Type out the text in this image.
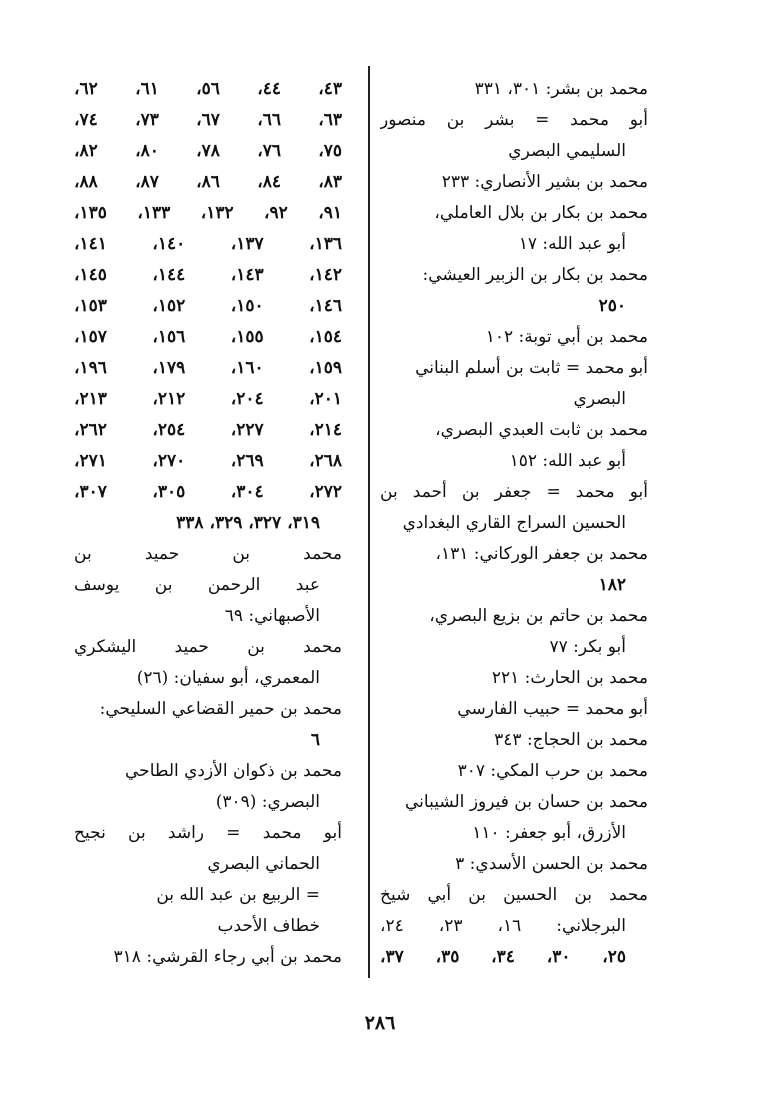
محمد بن بشر: ٣٠١، ٣٣١
أبو محمد = بشر بن منصور
السليمي البصري
محمد بن بشير الأنصاري: ٢٣٣
محمد بن بكار بن بلال العاملي،
أبو عبد الله: ١٧
محمد بن بكار بن الزبير العيشي:
٢٥٠
محمد بن أبي توبة: ١٠٢
أبو محمد = ثابت بن أسلم البناني
البصري
محمد بن ثابت العبدي البصري،
أبو عبد الله: ١٥٢
أبو محمد = جعفر بن أحمد بن
الحسين السراج القاري البغدادي
محمد بن جعفر الوركاني: ١٣١،
١٨٢
محمد بن حاتم بن بزيع البصري،
أبو بكر: ٧٧
محمد بن الحارث: ٢٢١
أبو محمد = حبيب الفارسي
محمد بن الحجاج: ٣٤٣
محمد بن حرب المكي: ٣٠٧
محمد بن حسان بن فيروز الشيباني
الأزرق، أبو جعفر: ١١٠
محمد بن الحسن الأسدي: ٣
محمد بن الحسين بن أبي شيخ
البرجلاني: ١٦، ٢٣، ٢٤،
٢٥، ٣٠، ٣٤، ٣٥، ٣٧،
٤٣، ٤٤، ٥٦، ٦١، ٦٢،
٦٣، ٦٦، ٦٧، ٧٣، ٧٤،
٧٥، ٧٦، ٧٨، ٨٠، ٨٢،
٨٣، ٨٤، ٨٦، ٨٧، ٨٨،
٩١، ٩٢، ١٣٢، ١٣٣، ١٣٥،
١٣٦، ١٣٧، ١٤٠، ١٤١،
١٤٢، ١٤٣، ١٤٤، ١٤٥،
١٤٦، ١٥٠، ١٥٢، ١٥٣،
١٥٤، ١٥٥، ١٥٦، ١٥٧،
١٥٩، ١٦٠، ١٧٩، ١٩٦،
٢٠١، ٢٠٤، ٢١٢، ٢١٣،
٢١٤، ٢٢٧، ٢٥٤، ٢٦٢،
٢٦٨، ٢٦٩، ٢٧٠، ٢٧١،
٢٧٢، ٣٠٤، ٣٠٥، ٣٠٧،
٣١٩، ٣٢٧، ٣٢٩، ٣٣٨
محمد بن حميد بن
عبد الرحمن بن يوسف
الأصبهاني: ٦٩
محمد بن حميد اليشكري
المعمري، أبو سفيان: (٢٦)
محمد بن حمير القضاعي السليحي:
٦
محمد بن ذكوان الأزدي الطاحي
البصري: (٣٠٩)
أبو محمد = راشد بن نجيح
الحماني البصري
= الربيع بن عبد الله بن
خطاف الأحدب
محمد بن أبي رجاء القرشي: ٣١٨
٢٨٦
